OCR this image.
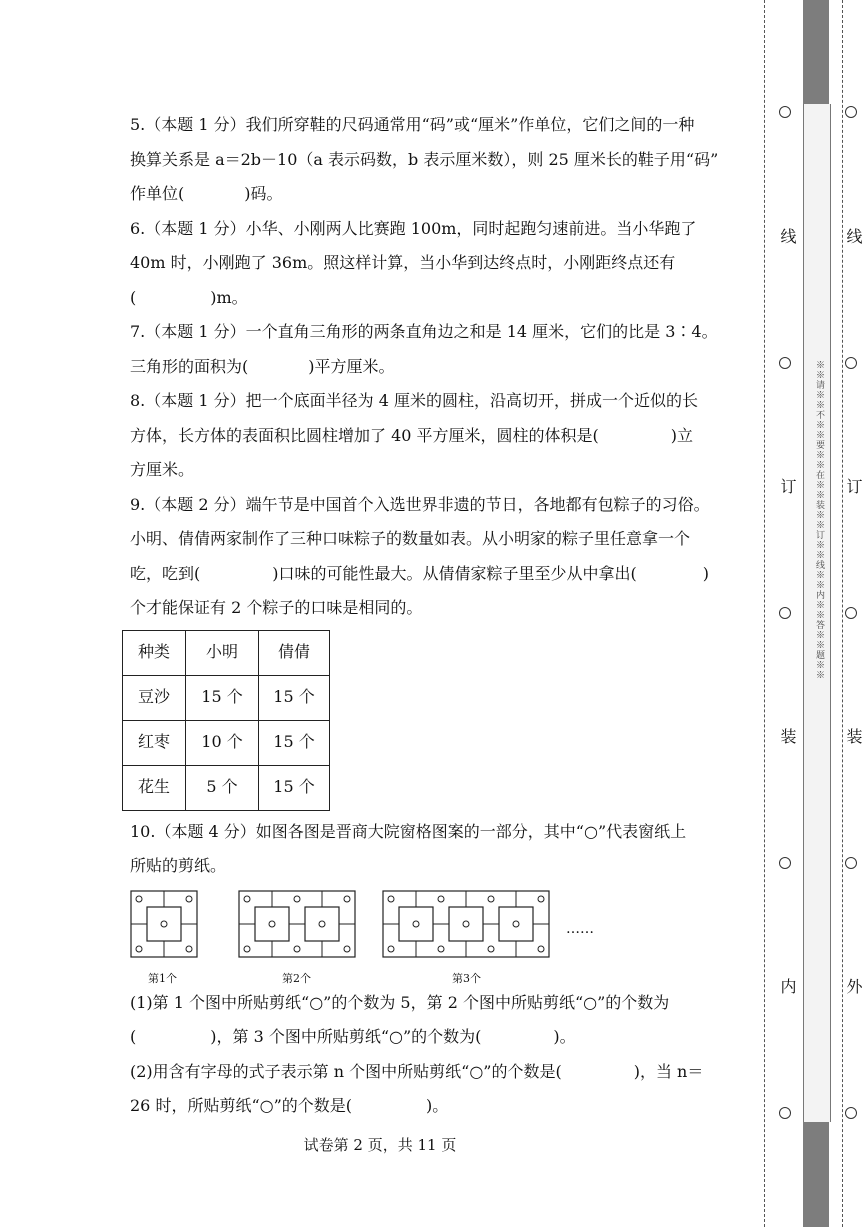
5.（本题 1 分）我们所穿鞋的尺码通常用“码”或“厘米”作单位，它们之间的一种

换算关系是 a＝2b－10（a 表示码数，b 表示厘米数），则 25 厘米长的鞋子用“码”

作单位(	)码。

6.（本题 1 分）小华、小刚两人比赛跑 100m，同时起跑匀速前进。当小华跑了

40m 时，小刚跑了 36m。照这样计算，当小华到达终点时，小刚距终点还有

(	)m。

7.（本题 1 分）一个直角三角形的两条直角边之和是 14 厘米，它们的比是 3∶4。

三角形的面积为(	)平方厘米。

8.（本题 1 分）把一个底面半径为 4 厘米的圆柱，沿高切开，拼成一个近似的长

方体，长方体的表面积比圆柱增加了 40 平方厘米，圆柱的体积是(	)立

方厘米。

9.（本题 2 分）端午节是中国首个入选世界非遗的节日，各地都有包粽子的习俗。

小明、倩倩两家制作了三种口味粽子的数量如表。从小明家的粽子里任意拿一个

吃，吃到(	)口味的可能性最大。从倩倩家粽子里至少从中拿出(	)

个才能保证有 2 个粽子的口味是相同的。

种类	小明	倩倩
豆沙	15 个	15 个
红枣	10 个	15 个
花生	5 个	15 个

10.（本题 4 分）如图各图是晋商大院窗格图案的一部分，其中“○”代表窗纸上

所贴的剪纸。

第1个	第2个	第3个
……

(1)第 1 个图中所贴剪纸“○”的个数为 5，第 2 个图中所贴剪纸“○”的个数为

(	)，第 3 个图中所贴剪纸“○”的个数为(	)。

(2)用含有字母的式子表示第 n 个图中所贴剪纸“○”的个数是(	)，当 n＝

26 时，所贴剪纸“○”的个数是(	)。

试卷第 2 页，共 11 页
※※请※※不※※要※※在※※装※※订※※线※※内※※答※※题※※
线
订
装
内
线
订
装
外
